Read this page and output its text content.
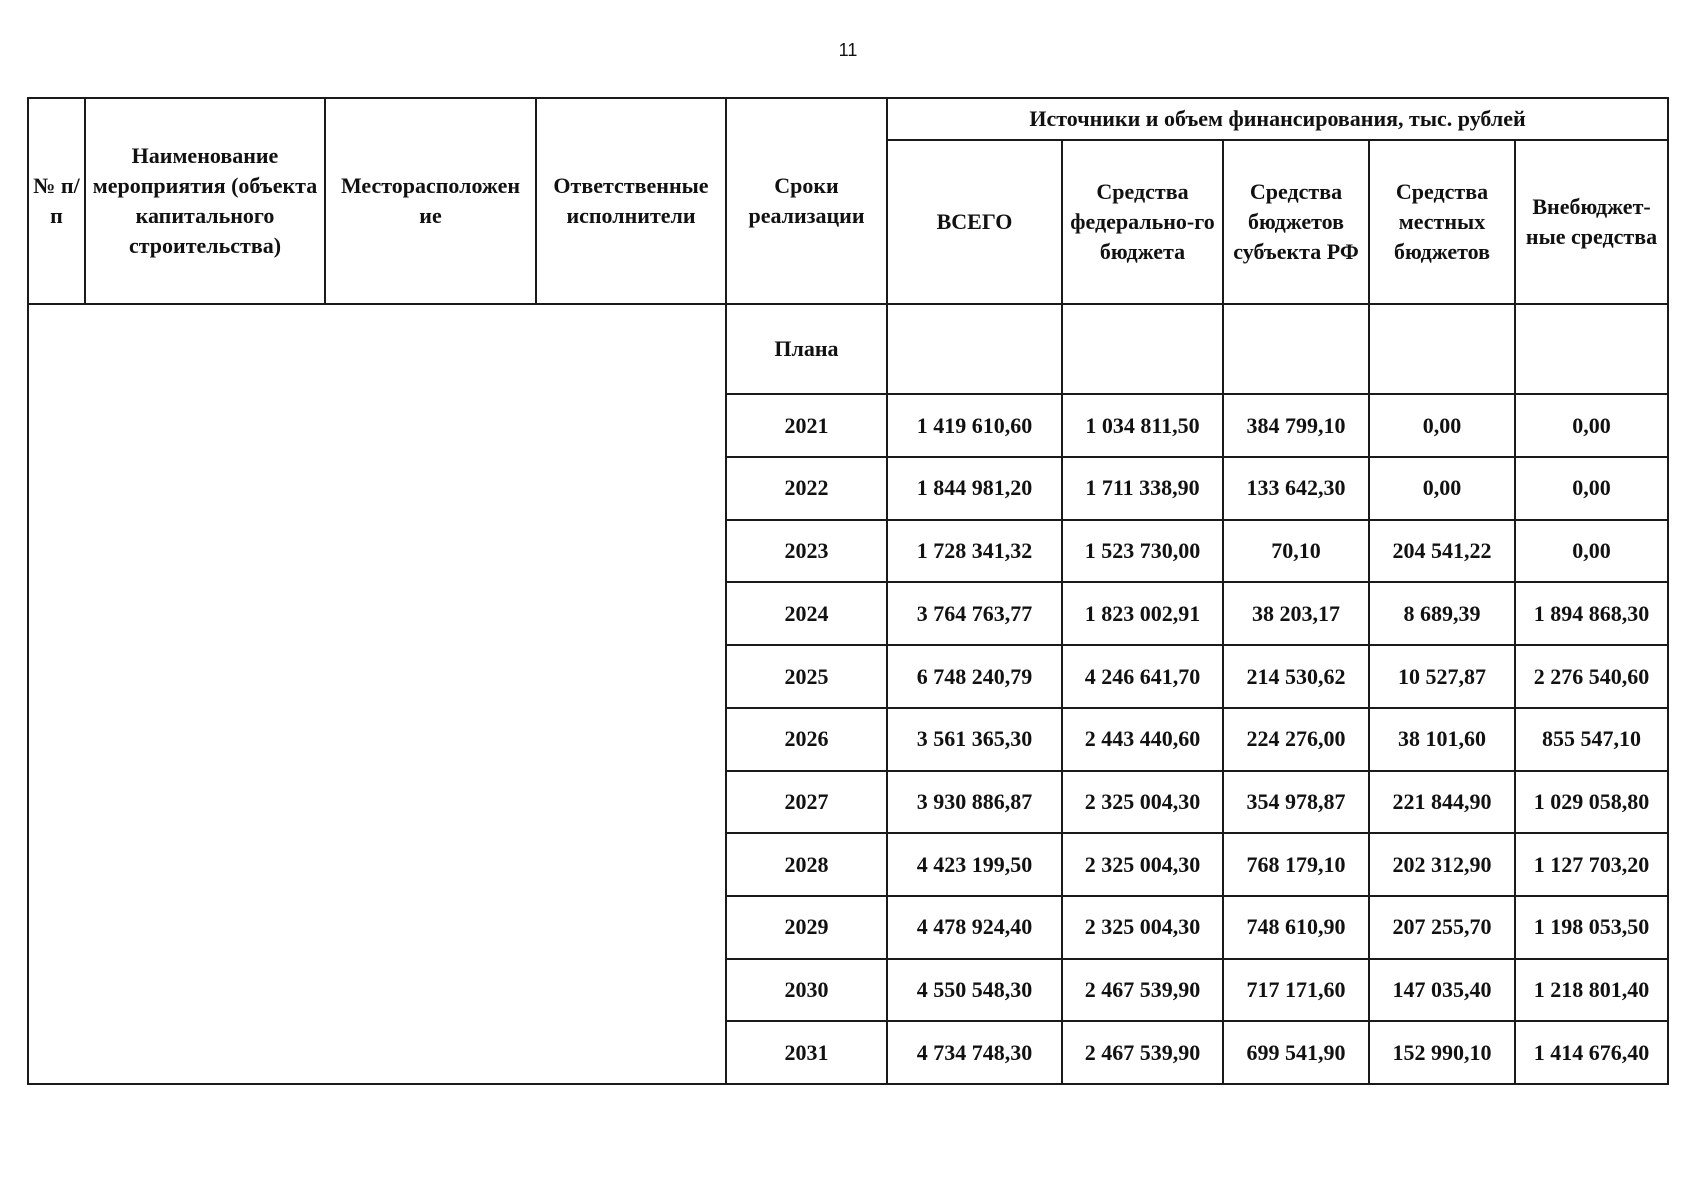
11
№ п/п	Наименование мероприятия (объекта капитального строительства)	Месторасположен ие	Ответственные исполнители	Сроки реализации	Источники и объем финансирования, тыс. рублей				
					ВСЕГО	Средства федерально-го бюджета	Средства бюджетов субъекта РФ	Средства местных бюджетов	Внебюджет-ные средства
				Плана					
				2021	1 419 610,60	1 034 811,50	384 799,10	0,00	0,00
				2022	1 844 981,20	1 711 338,90	133 642,30	0,00	0,00
				2023	1 728 341,32	1 523 730,00	70,10	204 541,22	0,00
				2024	3 764 763,77	1 823 002,91	38 203,17	8 689,39	1 894 868,30
				2025	6 748 240,79	4 246 641,70	214 530,62	10 527,87	2 276 540,60
				2026	3 561 365,30	2 443 440,60	224 276,00	38 101,60	855 547,10
				2027	3 930 886,87	2 325 004,30	354 978,87	221 844,90	1 029 058,80
				2028	4 423 199,50	2 325 004,30	768 179,10	202 312,90	1 127 703,20
				2029	4 478 924,40	2 325 004,30	748 610,90	207 255,70	1 198 053,50
				2030	4 550 548,30	2 467 539,90	717 171,60	147 035,40	1 218 801,40
				2031	4 734 748,30	2 467 539,90	699 541,90	152 990,10	1 414 676,40
